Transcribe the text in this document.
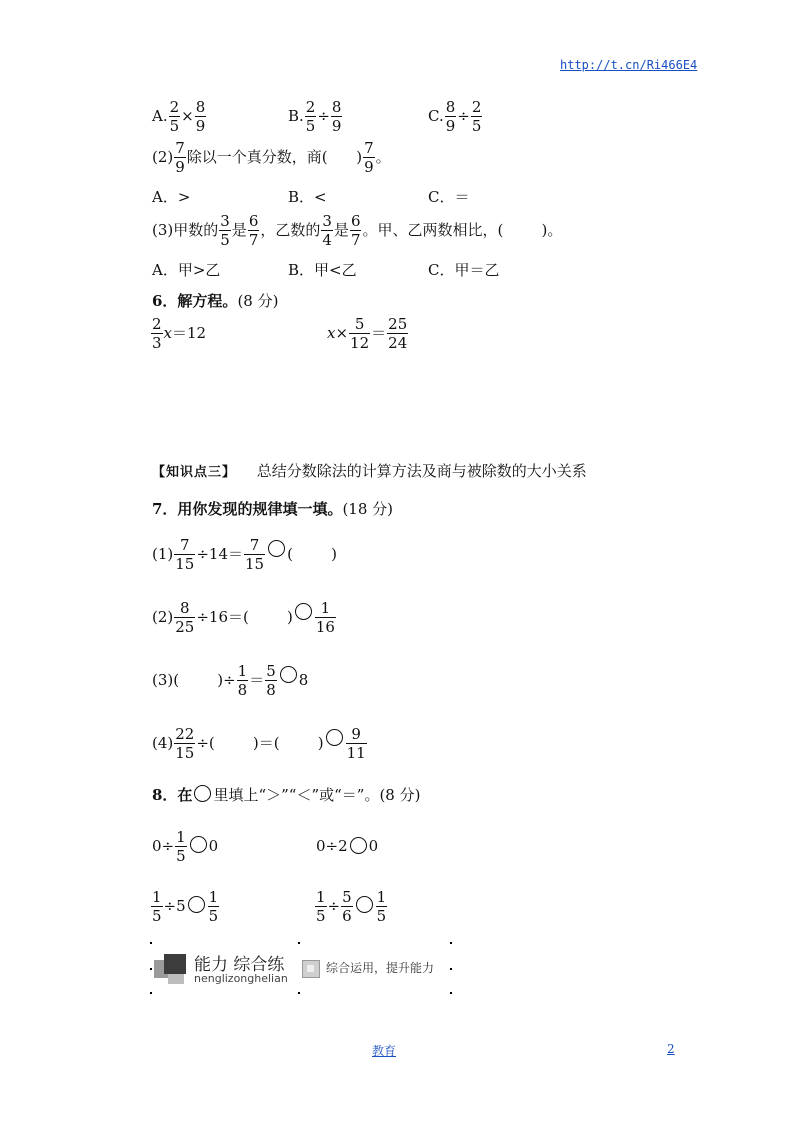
http://t.cn/Ri466E4
A. $\frac{2}{5} \times \frac{8}{9}$	B. $\frac{2}{5} \div \frac{8}{9}$	C. $\frac{8}{9} \div \frac{2}{5}$
$(2) \frac{7}{9}$ 除以一个真分数，商(      ) $\frac{7}{9}$ 。
A．>	B．<	C．＝
(3)甲数的 $\frac{3}{5}$ 是 $\frac{6}{7}$ ，乙数的 $\frac{3}{4}$ 是 $\frac{6}{7}$ 。甲、乙两数相比，(        )。
A．甲>乙	B．甲<乙	C．甲＝乙
6．解方程。(8 分)
$\frac{2}{3} x=12$	$x\times \frac{5}{12} = \frac{25}{24}$
【知识点三】 总结分数除法的计算方法及商与被除数的大小关系
7．用你发现的规律填一填。(18 分)
$(1) \frac{7}{15} \div 14= \frac{7}{15}$ (        )
$(2) \frac{8}{25} \div 16=$(        ) $\frac{1}{16}$
(3)(        )÷ $\frac{1}{8} = \frac{5}{8} 8$
$(4) \frac{22}{15}$ ÷(        )＝(        ) $\frac{9}{11}$
8．在 里填上“＞”“＜”或“＝”。(8 分)
$0\div \frac{1}{5} 0$	0÷2 0
$\frac{1}{5} \div 5 \frac{1}{5}$	$\frac{1}{5} \div \frac{5}{6} \frac{1}{5}$
能力 综合练
nenglizonghelian
综合运用，提升能力
教育	2
